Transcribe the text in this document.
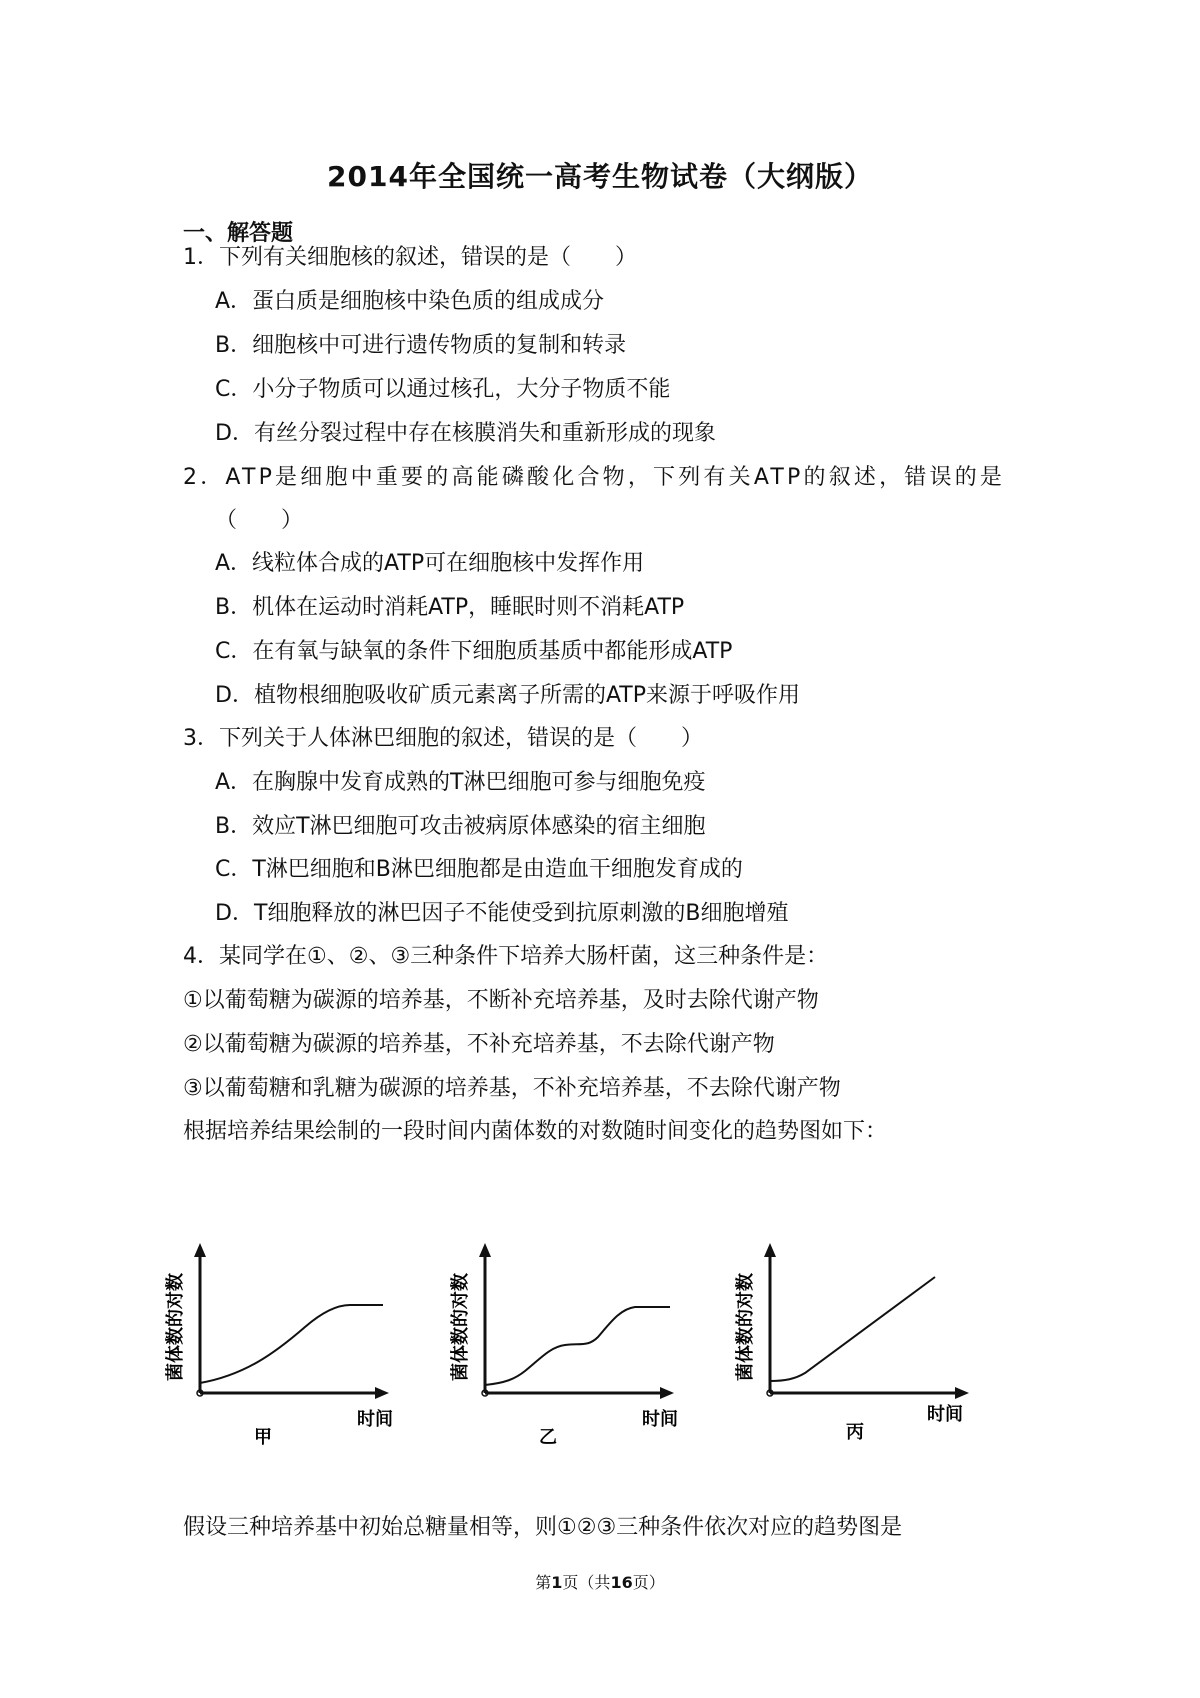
2014年全国统一高考生物试卷（大纲版）
一、解答题
1．下列有关细胞核的叙述，错误的是（　　）
A．蛋白质是细胞核中染色质的组成成分
B．细胞核中可进行遗传物质的复制和转录
C．小分子物质可以通过核孔，大分子物质不能
D．有丝分裂过程中存在核膜消失和重新形成的现象
2．ATP是细胞中重要的高能磷酸化合物，下列有关ATP的叙述，错误的是
（　　）
A．线粒体合成的ATP可在细胞核中发挥作用
B．机体在运动时消耗ATP，睡眠时则不消耗ATP
C．在有氧与缺氧的条件下细胞质基质中都能形成ATP
D．植物根细胞吸收矿质元素离子所需的ATP来源于呼吸作用
3．下列关于人体淋巴细胞的叙述，错误的是（　　）
A．在胸腺中发育成熟的T淋巴细胞可参与细胞免疫
B．效应T淋巴细胞可攻击被病原体感染的宿主细胞
C．T淋巴细胞和B淋巴细胞都是由造血干细胞发育成的
D．T细胞释放的淋巴因子不能使受到抗原刺激的B细胞增殖
4．某同学在①、②、③三种条件下培养大肠杆菌，这三种条件是：
①以葡萄糖为碳源的培养基，不断补充培养基，及时去除代谢产物
②以葡萄糖为碳源的培养基，不补充培养基，不去除代谢产物
③以葡萄糖和乳糖为碳源的培养基，不补充培养基，不去除代谢产物
根据培养结果绘制的一段时间内菌体数的对数随时间变化的趋势图如下：
菌体数的对数
时间
甲
菌体数的对数
时间
乙
菌体数的对数
时间
丙
假设三种培养基中初始总糖量相等，则①②③三种条件依次对应的趋势图是
第1页（共16页）
